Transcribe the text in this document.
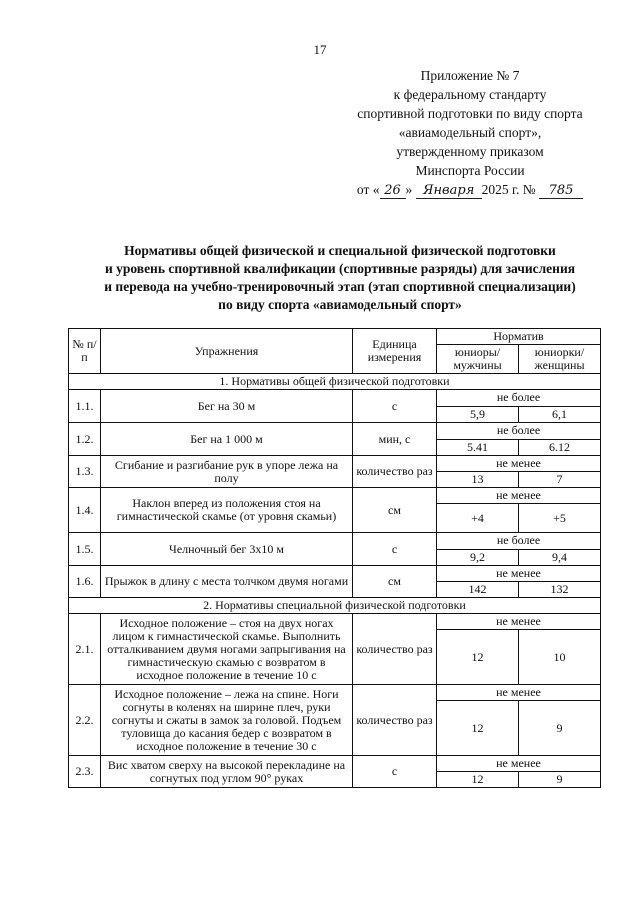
17
Приложение № 7
к федеральному стандарту
спортивной подготовки по виду спорта
«авиамодельный спорт»,
утвержденному приказом
Минспорта России
от « 26 » Января 2025 г. № 785
Нормативы общей физической и специальной физической подготовки
и уровень спортивной квалификации (спортивные разряды) для зачисления
и перевода на учебно-тренировочный этап (этап спортивной специализации)
по виду спорта «авиамодельный спорт»
№ п/п	Упражнения	Единица измерения	Норматив	
			юниоры/ мужчины	юниорки/ женщины
1. Нормативы общей физической подготовки				
1.1.	Бег на 30 м	с	не более	
			5,9	6,1
1.2.	Бег на 1 000 м	мин, с	не более	
			5.41	6.12
1.3.	Сгибание и разгибание рук в упоре лежа на полу	количество раз	не менее	
			13	7
1.4.	Наклон вперед из положения стоя на гимнастической скамье (от уровня скамьи)	см	не менее	
			+4	+5
1.5.	Челночный бег 3х10 м	с	не более	
			9,2	9,4
1.6.	Прыжок в длину с места толчком двумя ногами	см	не менее	
			142	132
2. Нормативы специальной физической подготовки				
2.1.	Исходное положение – стоя на двух ногах лицом к гимнастической скамье. Выполнить отталкиванием двумя ногами запрыгивания на гимнастическую скамью с возвратом в исходное положение в течение 10 с	количество раз	не менее	
			12	10
2.2.	Исходное положение – лежа на спине. Ноги согнуты в коленях на ширине плеч, руки согнуты и сжаты в замок за головой. Подъем туловища до касания бедер с возвратом в исходное положение в течение 30 с	количество раз	не менее	
			12	9
2.3.	Вис хватом сверху на высокой перекладине на согнутых под углом 90° руках	с	не менее	
			12	9
